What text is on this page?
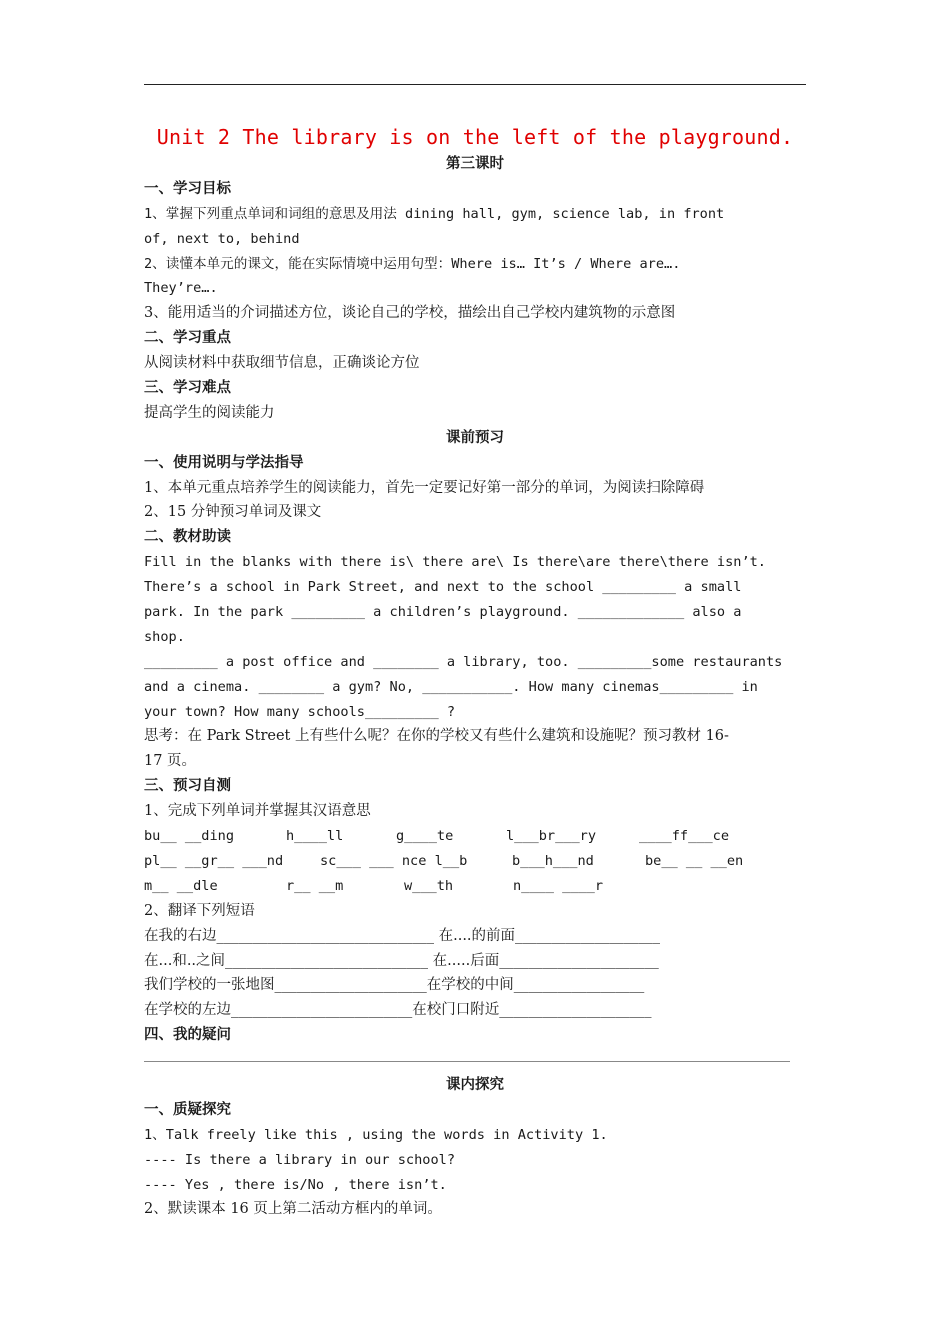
Unit 2 The library is on the left of the playground.
第三课时
一、学习目标
1、掌握下列重点单词和词组的意思及用法 dining hall, gym, science lab, in front
of, next to, behind
2、读懂本单元的课文，能在实际情境中运用句型：Where is… It’s / Where are….
They’re….
3、能用适当的介词描述方位，谈论自己的学校，描绘出自己学校内建筑物的示意图
二、学习重点
从阅读材料中获取细节信息，正确谈论方位
三、学习难点
提高学生的阅读能力
课前预习
一、使用说明与学法指导
1、本单元重点培养学生的阅读能力，首先一定要记好第一部分的单词，为阅读扫除障碍
2、15 分钟预习单词及课文
二、教材助读
Fill in the blanks with there is\ there are\ Is there\are there\there isn’t.
There’s a school in Park Street, and next to the school _________ a small
park. In the park _________ a children’s playground. _____________ also a
shop.
_________ a post office and ________ a library, too. _________some restaurants
and a cinema. ________ a gym? No, ___________. How many cinemas_________ in
your town? How many schools_________ ?
思考：在 Park Street 上有些什么呢？在你的学校又有些什么建筑和设施呢？预习教材 16-
17 页。
三、预习自测
1、完成下列单词并掌握其汉语意思
bu__ __ding	h____ll	g____te	l___br___ry	____ff___ce
pl__ __gr__ ___nd	sc___ ___ nce l__b	b___h___nd	be__ __ __en
m__ __dle	r__ __m	w___th	n____ ____r
2、翻译下列短语
在我的右边______________________________ 在....的前面____________________
在...和..之间____________________________ 在.....后面______________________
我们学校的一张地图_____________________在学校的中间__________________
在学校的左边_________________________在校门口附近_____________________
四、我的疑问
课内探究
一、质疑探究
1、Talk freely like this , using the words in Activity 1.
---- Is there a library in our school?
---- Yes , there is/No , there isn’t.
2、默读课本 16 页上第二活动方框内的单词。
